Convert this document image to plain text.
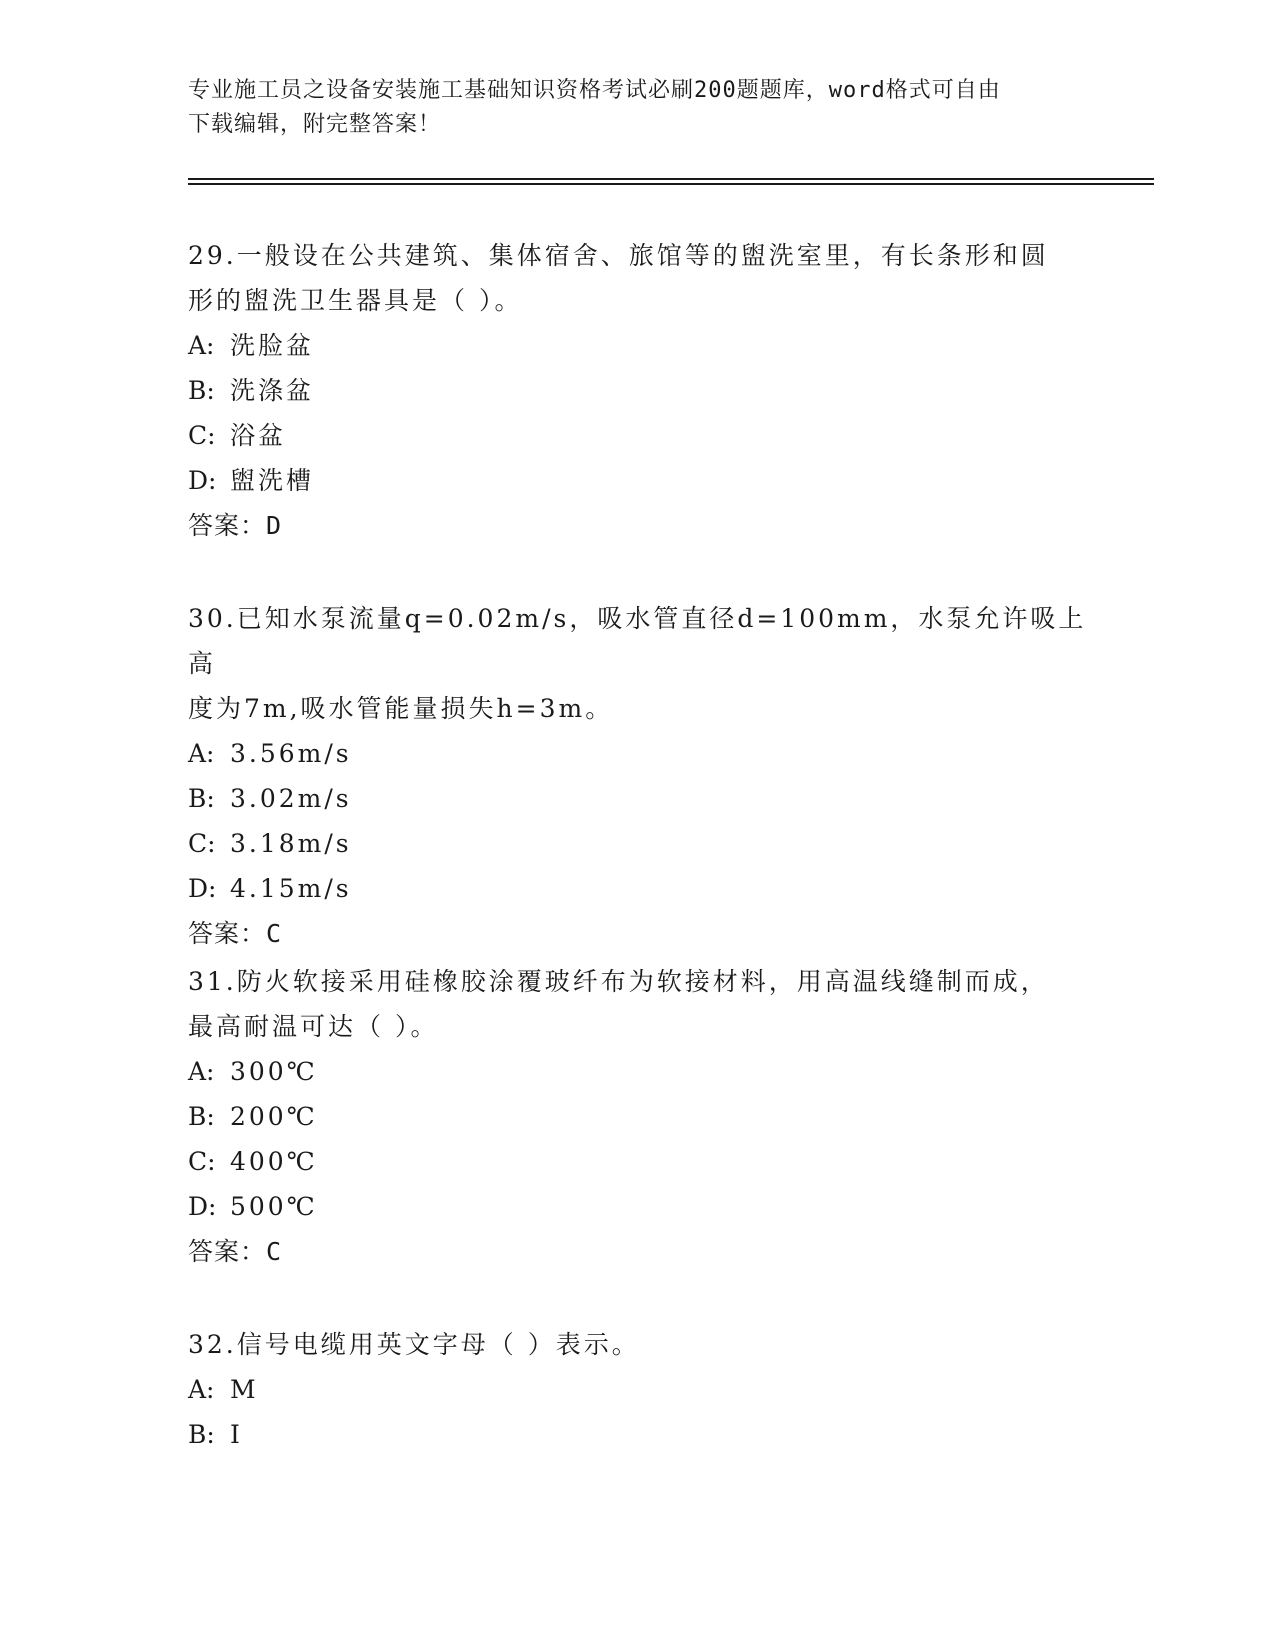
专业施工员之设备安装施工基础知识资格考试必刷200题题库，word格式可自由
下载编辑，附完整答案！
29.一般设在公共建筑、集体宿舍、旅馆等的盥洗室里，有长条形和圆
形的盥洗卫生器具是（ ）。
A: 洗脸盆
B: 洗涤盆
C: 浴盆
D: 盥洗槽
答案：D
30.已知水泵流量q=0.02m/s，吸水管直径d=100mm，水泵允许吸上高
度为7m,吸水管能量损失h=3m。
A: 3.56m/s
B: 3.02m/s
C: 3.18m/s
D: 4.15m/s
答案：C
31.防火软接采用硅橡胶涂覆玻纤布为软接材料，用高温线缝制而成，
最高耐温可达（ ）。
A: 300℃
B: 200℃
C: 400℃
D: 500℃
答案：C
32.信号电缆用英文字母（ ）表示。
A: M
B: I
